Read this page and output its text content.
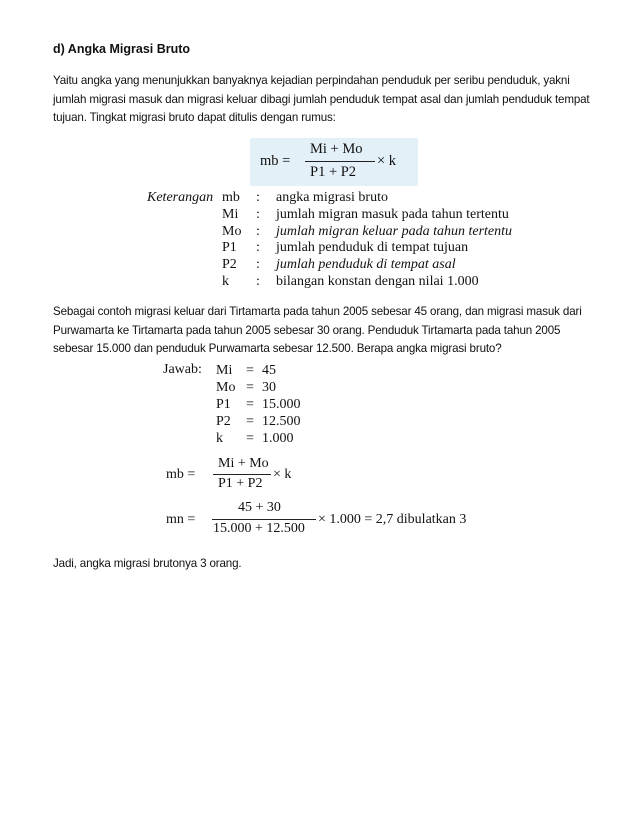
d) Angka Migrasi Bruto
Yaitu angka yang menunjukkan banyaknya kejadian perpindahan penduduk per seribu penduduk, yakni jumlah migrasi masuk dan migrasi keluar dibagi jumlah penduduk tempat asal dan jumlah penduduk tempat tujuan. Tingkat migrasi bruto dapat ditulis dengan rumus:
mb =
Mi + Mo
P1 + P2
× k
Keterangan mb	:	angka migrasi bruto
Mi	:	jumlah migran masuk pada tahun tertentu
Mo	:	jumlah migran keluar pada tahun tertentu
P1	:	jumlah penduduk di tempat tujuan
P2	:	jumlah penduduk di tempat asal
k	:	bilangan konstan dengan nilai 1.000
Sebagai contoh migrasi keluar dari Tirtamarta pada tahun 2005 sebesar 45 orang, dan migrasi masuk dari Purwamarta ke Tirtamarta pada tahun 2005 sebesar 30 orang. Penduduk Tirtamarta pada tahun 2005 sebesar 15.000 dan penduduk Purwamarta sebesar 12.500. Berapa angka migrasi bruto?
Jawab: Mi = 45
Mo = 30
P1	= 15.000
P2	= 12.500
k	= 1.000
mb =
Mi + Mo
P1 + P2
× k
mn =
45 + 30
15.000 + 12.500
× 1.000 = 2,7 dibulatkan 3
Jadi, angka migrasi brutonya 3 orang.
